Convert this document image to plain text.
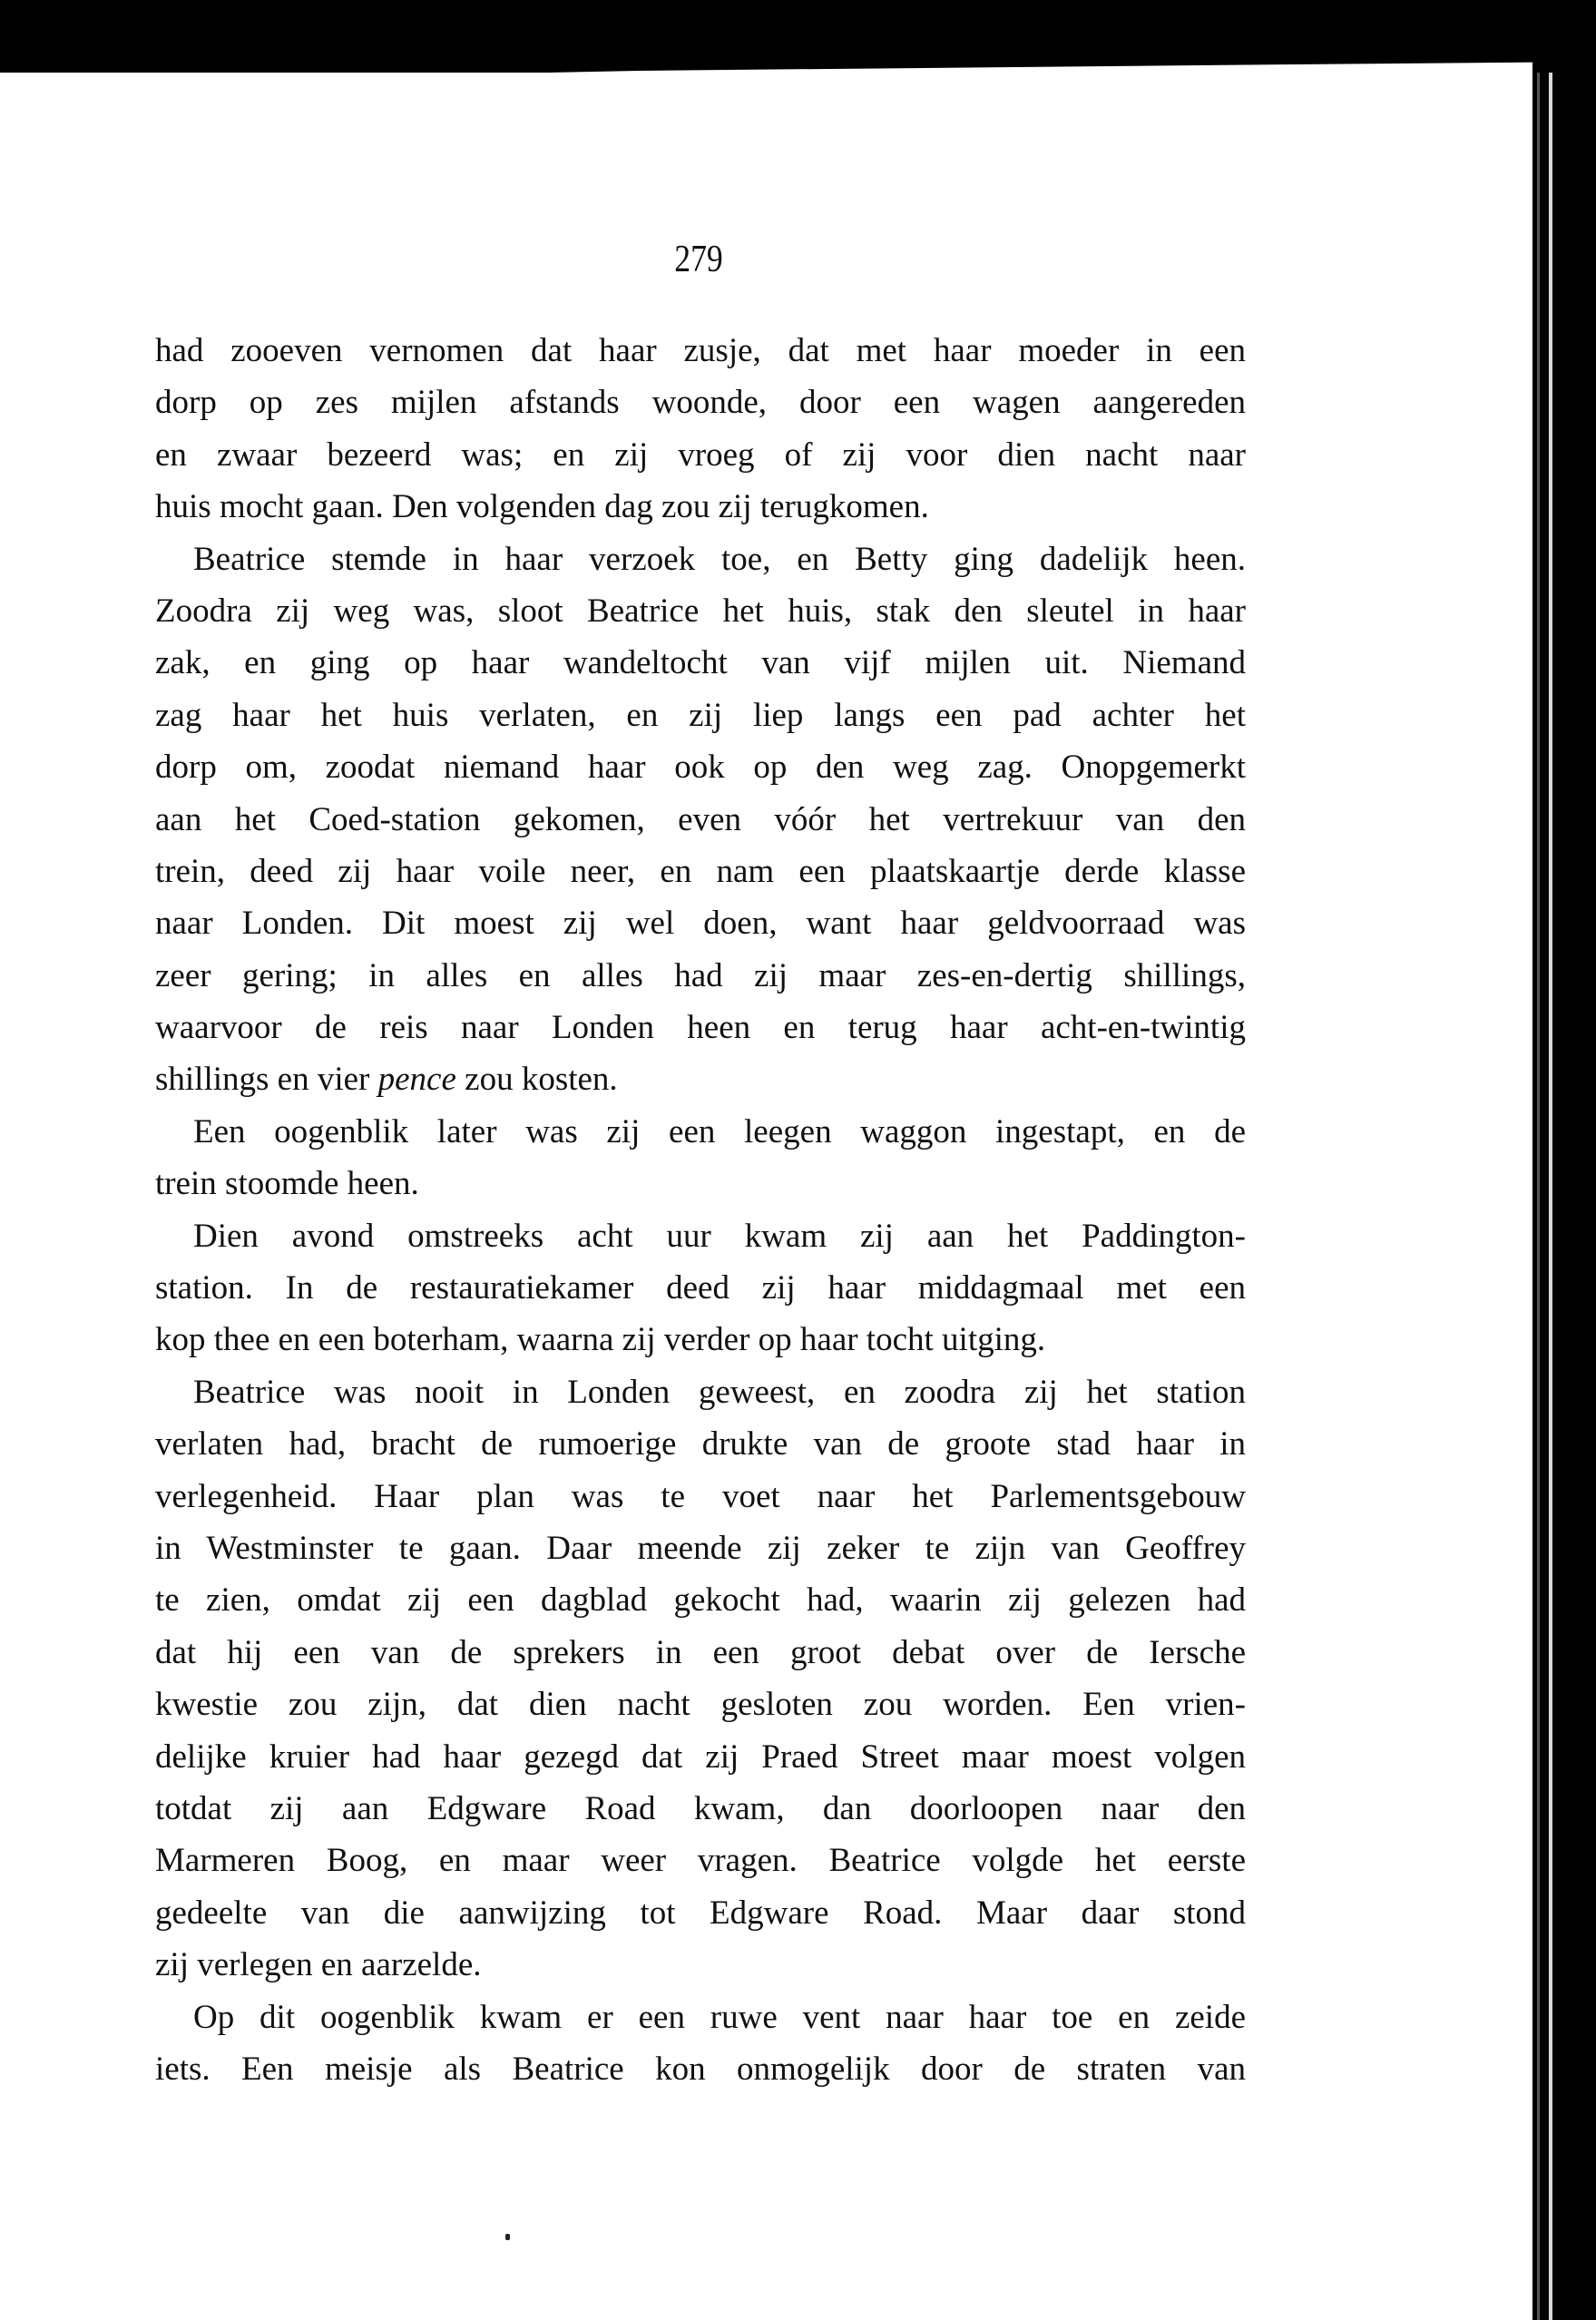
279
had zooeven vernomen dat haar zusje, dat met haar moeder in een
dorp op zes mijlen afstands woonde, door een wagen aangereden
en zwaar bezeerd was; en zij vroeg of zij voor dien nacht naar
huis mocht gaan. Den volgenden dag zou zij terugkomen.
Beatrice stemde in haar verzoek toe, en Betty ging dadelijk heen.
Zoodra zij weg was, sloot Beatrice het huis, stak den sleutel in haar
zak, en ging op haar wandeltocht van vijf mijlen uit. Niemand
zag haar het huis verlaten, en zij liep langs een pad achter het
dorp om, zoodat niemand haar ook op den weg zag. Onopgemerkt
aan het Coed-station gekomen, even vóór het vertrekuur van den
trein, deed zij haar voile neer, en nam een plaatskaartje derde klasse
naar Londen. Dit moest zij wel doen, want haar geldvoorraad was
zeer gering; in alles en alles had zij maar zes-en-dertig shillings,
waarvoor de reis naar Londen heen en terug haar acht-en-twintig
shillings en vier pence zou kosten.
Een oogenblik later was zij een leegen waggon ingestapt, en de
trein stoomde heen.
Dien avond omstreeks acht uur kwam zij aan het Paddington-
station. In de restauratiekamer deed zij haar middagmaal met een
kop thee en een boterham, waarna zij verder op haar tocht uitging.
Beatrice was nooit in Londen geweest, en zoodra zij het station
verlaten had, bracht de rumoerige drukte van de groote stad haar in
verlegenheid. Haar plan was te voet naar het Parlementsgebouw
in Westminster te gaan. Daar meende zij zeker te zijn van Geoffrey
te zien, omdat zij een dagblad gekocht had, waarin zij gelezen had
dat hij een van de sprekers in een groot debat over de Iersche
kwestie zou zijn, dat dien nacht gesloten zou worden. Een vrien-
delijke kruier had haar gezegd dat zij Praed Street maar moest volgen
totdat zij aan Edgware Road kwam, dan doorloopen naar den
Marmeren Boog, en maar weer vragen. Beatrice volgde het eerste
gedeelte van die aanwijzing tot Edgware Road. Maar daar stond
zij verlegen en aarzelde.
Op dit oogenblik kwam er een ruwe vent naar haar toe en zeide
iets. Een meisje als Beatrice kon onmogelijk door de straten van
